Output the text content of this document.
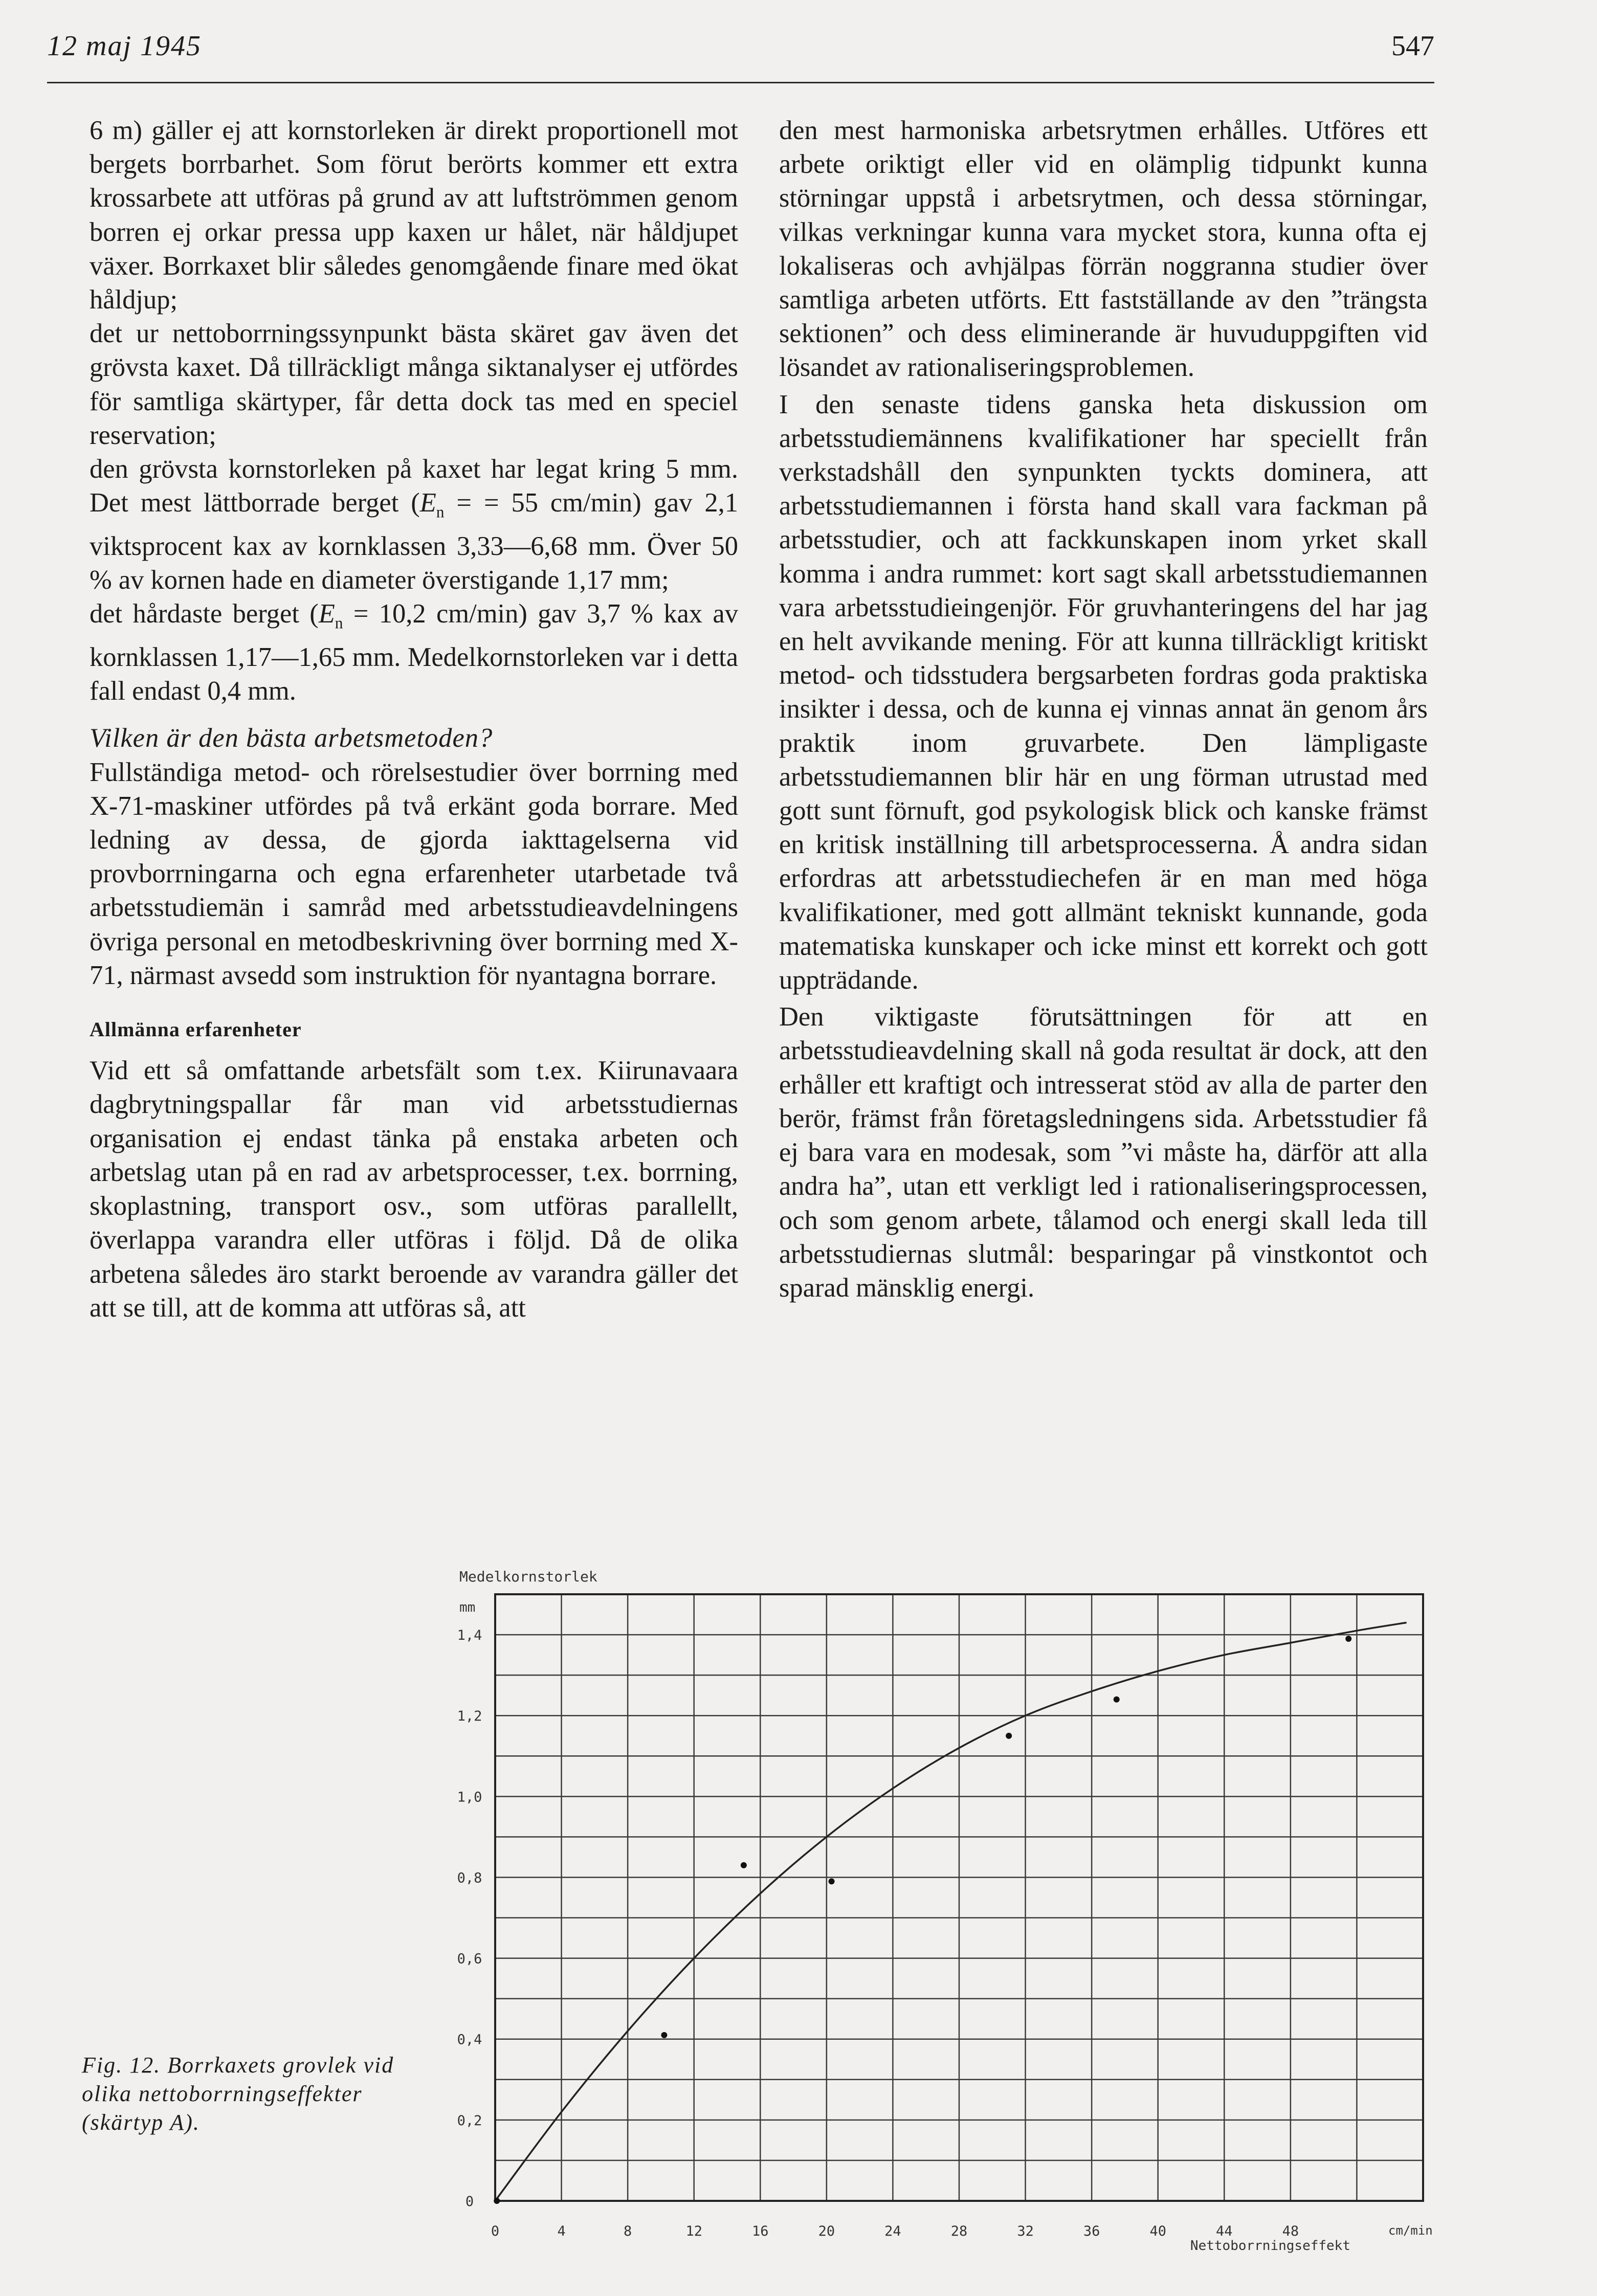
12 maj 1945	547

6 m) gäller ej att kornstorleken är direkt proportionell mot bergets borrbarhet. Som förut berörts kommer ett extra krossarbete att utföras på grund av att luftströmmen genom borren ej orkar pressa upp kaxen ur hålet, när håldjupet växer. Borrkaxet blir således genomgående finare med ökat håldjup;

det ur nettoborrningssynpunkt bästa skäret gav även det grövsta kaxet. Då tillräckligt många siktanalyser ej utfördes för samtliga skärtyper, får detta dock tas med en speciel reservation;

den grövsta kornstorleken på kaxet har legat kring 5 mm. Det mest lättborrade berget ($E_n$ = = 55 cm/min) gav 2,1 viktsprocent kax av kornklassen 3,33—6,68 mm. Över 50 % av kornen hade en diameter överstigande 1,17 mm;

det hårdaste berget ($E_n = 10,2$ cm/min) gav 3,7 % kax av kornklassen 1,17—1,65 mm. Medelkornstorleken var i detta fall endast 0,4 mm.

Vilken är den bästa arbetsmetoden?

Fullständiga metod- och rörelsestudier över borrning med X-71-maskiner utfördes på två erkänt goda borrare. Med ledning av dessa, de gjorda iakttagelserna vid provborrningarna och egna erfarenheter utarbetade två arbetsstudiemän i samråd med arbetsstudieavdelningens övriga personal en metodbeskrivning över borrning med X-71, närmast avsedd som instruktion för nyantagna borrare.

Allmänna erfarenheter

Vid ett så omfattande arbetsfält som t.ex. Kiirunavaara dagbrytningspallar får man vid arbetsstudiernas organisation ej endast tänka på enstaka arbeten och arbetslag utan på en rad av arbetsprocesser, t.ex. borrning, skoplastning, transport osv., som utföras parallellt, överlappa varandra eller utföras i följd. Då de olika arbetena således äro starkt beroende av varandra gäller det att se till, att de komma att utföras så, att

den mest harmoniska arbetsrytmen erhålles. Utföres ett arbete oriktigt eller vid en olämplig tidpunkt kunna störningar uppstå i arbetsrytmen, och dessa störningar, vilkas verkningar kunna vara mycket stora, kunna ofta ej lokaliseras och avhjälpas förrän noggranna studier över samtliga arbeten utförts. Ett fastställande av den ”trängsta sektionen” och dess eliminerande är huvuduppgiften vid lösandet av rationaliseringsproblemen.

I den senaste tidens ganska heta diskussion om arbetsstudiemännens kvalifikationer har speciellt från verkstadshåll den synpunkten tyckts dominera, att arbetsstudiemannen i första hand skall vara fackman på arbetsstudier, och att fackkunskapen inom yrket skall komma i andra rummet: kort sagt skall arbetsstudiemannen vara arbetsstudieingenjör. För gruvhanteringens del har jag en helt avvikande mening. För att kunna tillräckligt kritiskt metod- och tidsstudera bergsarbeten fordras goda praktiska insikter i dessa, och de kunna ej vinnas annat än genom års praktik inom gruvarbete. Den lämpligaste arbetsstudiemannen blir här en ung förman utrustad med gott sunt förnuft, god psykologisk blick och kanske främst en kritisk inställning till arbetsprocesserna. Å andra sidan erfordras att arbetsstudiechefen är en man med höga kvalifikationer, med gott allmänt tekniskt kunnande, goda matematiska kunskaper och icke minst ett korrekt och gott uppträdande.

Den viktigaste förutsättningen för att en arbetsstudieavdelning skall nå goda resultat är dock, att den erhåller ett kraftigt och intresserat stöd av alla de parter den berör, främst från företagsledningens sida. Arbetsstudier få ej bara vara en modesak, som ”vi måste ha, därför att alla andra ha”, utan ett verkligt led i rationaliseringsprocessen, och som genom arbete, tålamod och energi skall leda till arbetsstudiernas slutmål: besparingar på vinstkontot och sparad mänsklig energi.

0	4	8	12	16	20	24	28	32	36	40	44	48
0
0,2
0,4
0,6
0,8
1,0
1,2
1,4
Medelkornstorlek
mm
cm/min
Nettoborrningseffekt
Fig. 12. Borrkaxets grovlek vid olika nettoborrningseffekter (skärtyp A).
